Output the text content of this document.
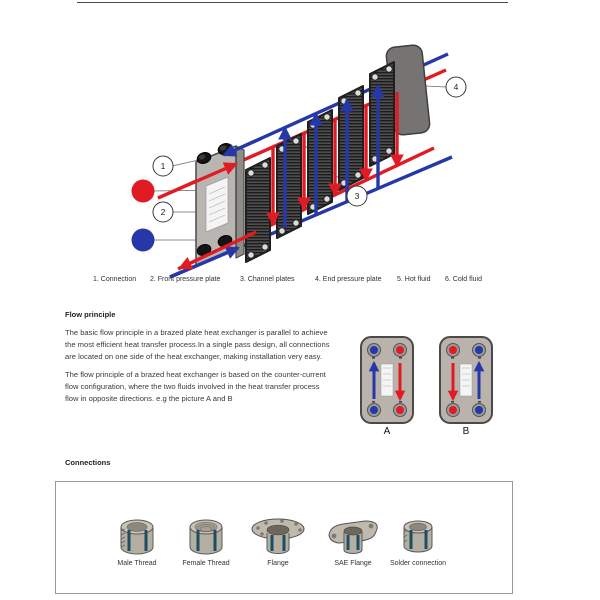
1
2
3
4
1. Connection 2. Front pressure plate	3. Channel plates	4. End pressure plate 5. Hot fluid 6. Cold fluid
Flow principle
The basic flow principle in a brazed plate heat exchanger is parallel to achieve
the most efficient heat transfer process.In a single pass design, all connections
are located on one side of the heat exchanger, making installation very easy.
The flow principle of a brazed heat exchanger is based on the counter-current
flow configuration, where the two fluids involved in the heat transfer process
flow in opposite directions. e.g the picture A and B
A	B
Connections
Male Thread	Female Thread	Flange	SAE Flange	Solder connection
